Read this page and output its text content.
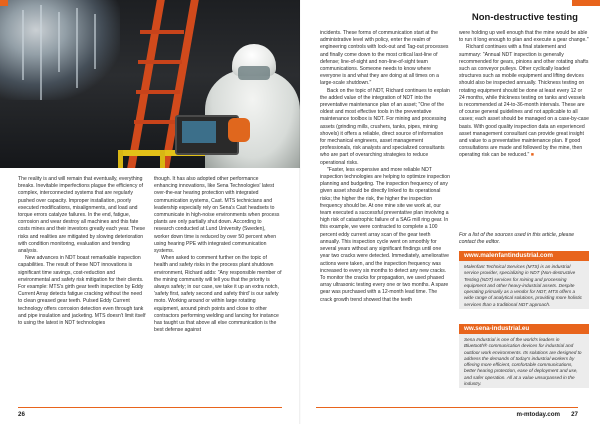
The reality is and will remain that eventually, everything breaks. Inevitable imperfections plague the efficiency of complex, interconnected systems that are regularly pushed over capacity. Improper installation, poorly executed modifications, misalignments, and load and torque errors catalyze failures. In the end, fatigue, corrosion and wear destroy all machines and this fate costs mines and their investors greatly each year. These risks and realities are mitigated by slowing deterioration with condition monitoring, evaluation and trending analysis.

New advances in NDT boast remarkable inspection capabilities. The result of these NDT innovations is significant time savings, cost-reduction and environmental and safety risk mitigation for their clients. For example: MTS's girth gear teeth inspection by Eddy Current Array detects fatigue cracking without the need to clean greased gear teeth. Pulsed Eddy Current technology offers corrosion detection even through tank and pipe insulation and jacketing. MTS doesn't limit itself to using the latest in NDT technologies

though. It has also adopted other performance enhancing innovations, like Sena Technologies' latest over-the-ear hearing protection with integrated communication systems, Cast. MTS technicians and leadership especially rely on Sena's Cast headsets to communicate in high-noise environments when process plants are only partially shut down. According to research conducted at Lund University (Sweden), worker down time is reduced by over 50 percent when using hearing PPE with integrated communication systems.

When asked to comment further on the topic of health and safety risks in the process plant shutdown environment, Richard adds: "Any responsible member of the mining community will tell you that the priority is always safety; in our case, we take it up an extra notch, 'safety first, safety second and safety third' is our safety moto. Working around or within large rotating equipment, around pinch points and close to other contractors performing welding and lancing for instance has taught us that above all else communication is the best defense against

26
Non-destructive testing

incidents. These forms of communication start at the administrative level with policy, enter the realm of engineering controls with lock-out and Tag-out processes and finally come down to the most critical last-line of defense; line-of-sight and non-line-of-sight team communications. Someone needs to know where everyone is and what they are doing at all times on a large-scale shutdown."

Back on the topic of NDT, Richard continues to explain the added value of the integration of NDT into the preventative maintenance plan of an asset; "One of the oldest and most effective tools in the preventative maintenance toolbox is NDT. For mining and processing assets (grinding mills, crushers, tanks, pipes, mining shovels) it offers a reliable, direct source of information for mechanical engineers, asset management professionals, risk analysts and specialized consultants who are part of overarching strategies to reduce operational risks.

"Faster, less expensive and more reliable NDT inspection technologies are helping to optimize inspection planning and budgeting. The inspection frequency of any given asset should be directly linked to its operational risks; the higher the risk, the higher the inspection frequency should be. At one mine site we work at, our team executed a successful preventative plan involving a high risk of catastrophic failure of a SAG mill ring gear. In this example, we were contracted to complete a 100 percent eddy current array scan of the gear teeth annually. This inspection cycle went on smoothly for several years without any significant findings until one year two cracks were detected. Immediately, ameliorative actions were taken, and the inspection frequency was increased to every six months to detect any new cracks. To monitor the cracks for propagation, we used phased array ultrasonic testing every one or two months. A spare gear was purchased with a 12-month lead time. The crack growth trend showed that the teeth

were holding up well enough that the mine would be able to run it long enough to plan and execute a gear change."

Richard continues with a final statement and summary: "Annual NDT inspection is generally recommended for gears, pinions and other rotating shafts such as conveyor pulleys. Other cyclically loaded structures such as mobile equipment and lifting devices should also be inspected annually. Thickness testing on rotating equipment should be done at least every 12 or 24 months, while thickness testing on tanks and vessels is recommended at 24-to-36-month intervals. These are of course general guidelines and not applicable to all cases; each asset should be managed on a case-by-case basis. With good quality inspection data an experienced asset management consultant can provide great insight and value to a preventative maintenance plan. If good consultations are made and followed by the mine, then operating risk can be reduced." ■

For a list of the sources used in this article, please contact the editor.
www.malenfantindustrial.com
Malenfant Technical Services (MTS) is an industrial service provider, specializing in NDT (Non-destructive Testing (NDT) services for mining and processing equipment and other heavy-industrial assets. Despite operating primarily as a vendor for NDT, MTS offers a wide range of analytical solutions, providing more holistic services than a traditional NDT approach.
ww.sena-industrial.eu
Sena Industrial is one of the world's leaders in Bluetooth® communication devices for industrial and outdoor work environments. Its solutions are designed to address the demands of today's industrial workers by offering more efficient, comfortable communications, better hearing protection, ease of deployment and use, and safer operation. All at a value unsurpassed in the industry.
m-mtoday.com 27
